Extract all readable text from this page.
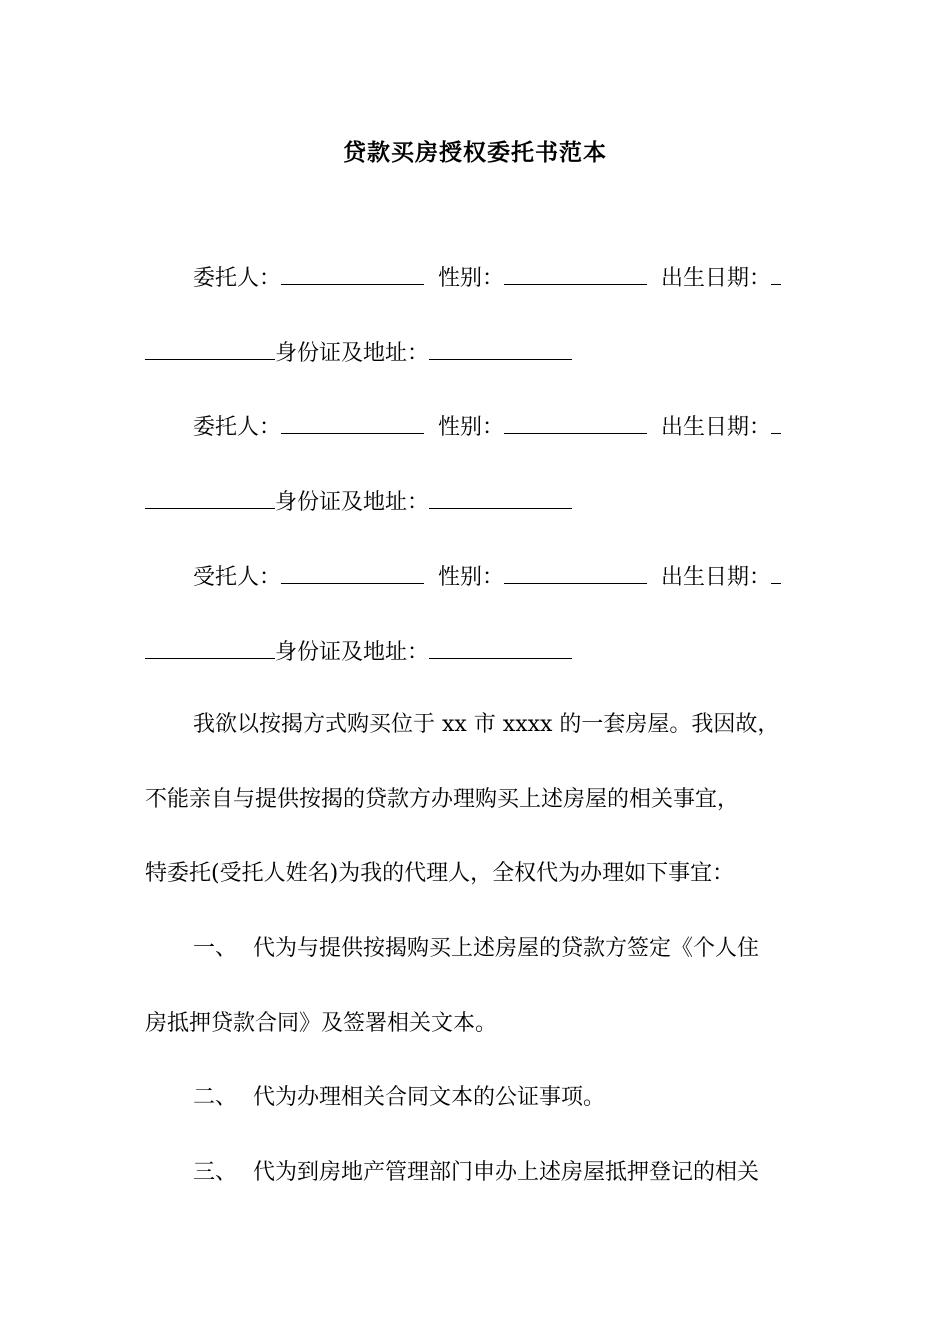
贷款买房授权委托书范本
委托人：	性别：	出生日期：
身份证及地址：
委托人：	性别：	出生日期：
身份证及地址：
受托人：	性别：	出生日期：
身份证及地址：
我欲以按揭方式购买位于 xx 市 xxxx 的一套房屋。我因故，
不能亲自与提供按揭的贷款方办理购买上述房屋的相关事宜，
特委托(受托人姓名)为我的代理人，全权代为办理如下事宜：
一、 代为与提供按揭购买上述房屋的贷款方签定《个人住
房抵押贷款合同》及签署相关文本。
二、 代为办理相关合同文本的公证事项。
三、 代为到房地产管理部门申办上述房屋抵押登记的相关
